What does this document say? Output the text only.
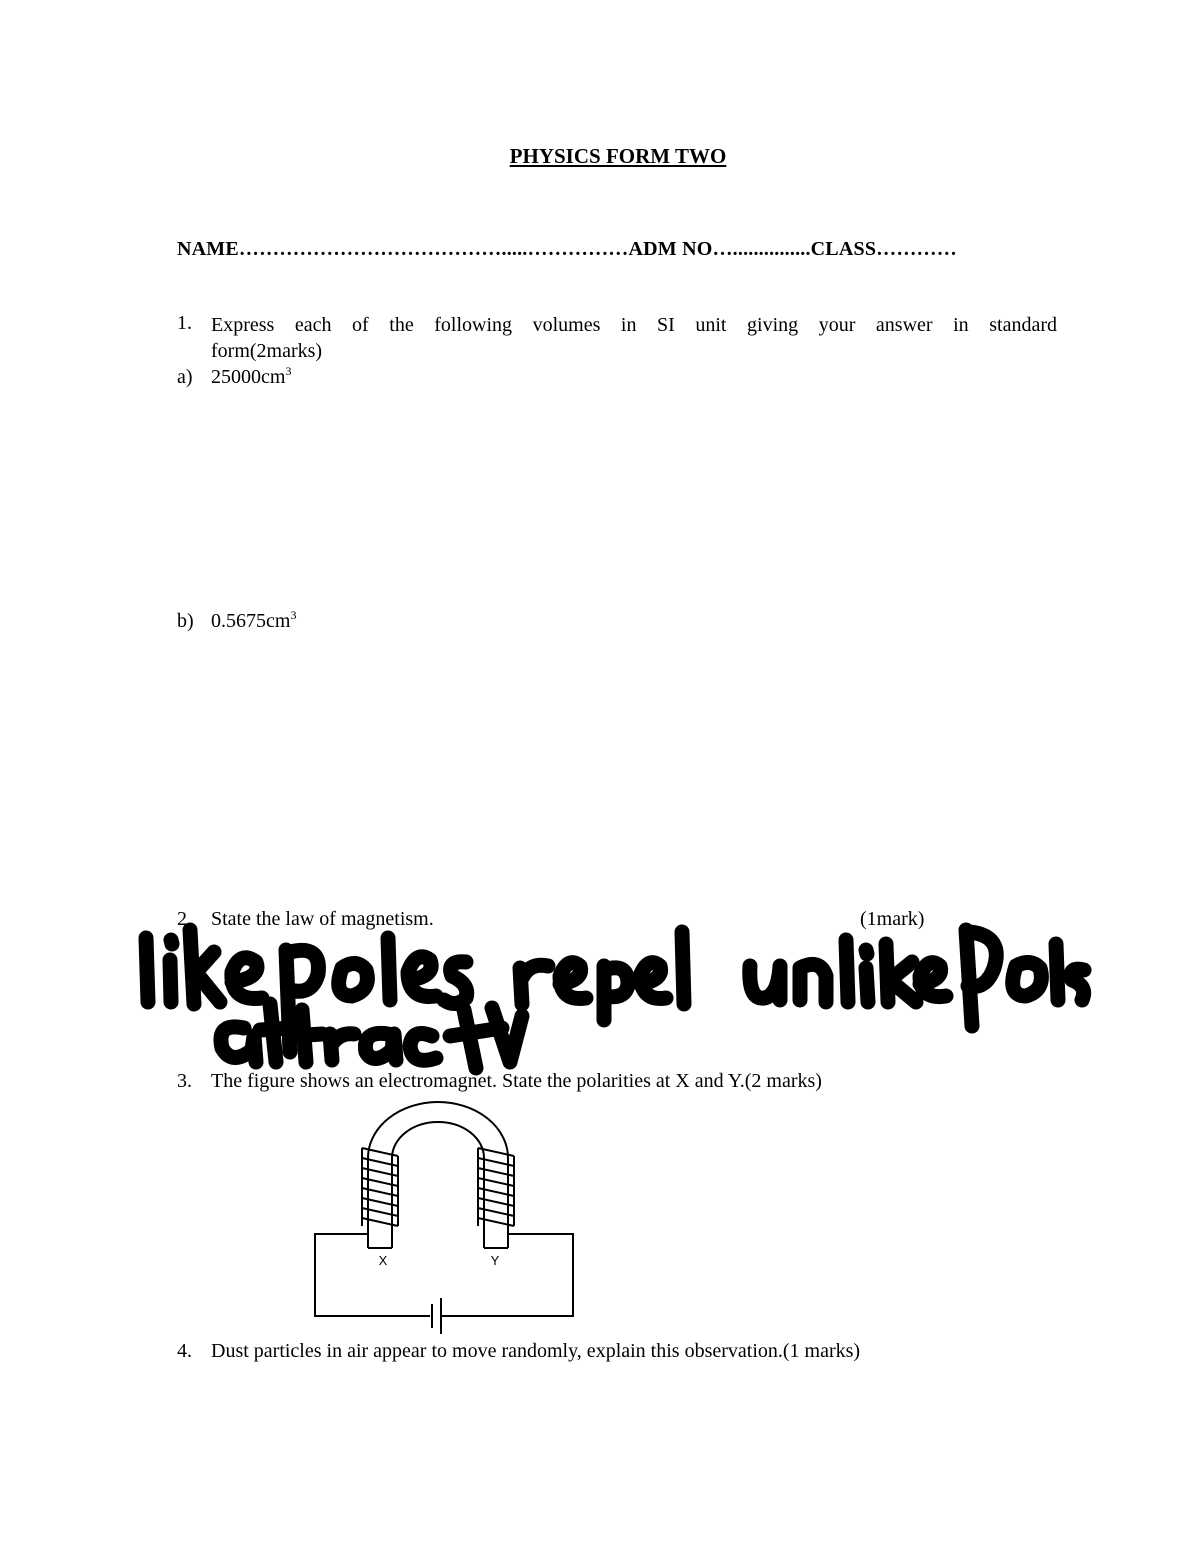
PHYSICS FORM TWO
NAME………………………………….....……………ADM NO…...............CLASS…………
1. Express each of the following volumes in SI unit giving your answer in standard
form(2marks)
a) $25000cm^3$
b) $0.5675cm^3$
2. State the law of magnetism.	(1mark)
3. The figure shows an electromagnet. State the polarities at X and Y.(2 marks)
X	Y
4. Dust particles in air appear to move randomly, explain this observation.(1 marks)
